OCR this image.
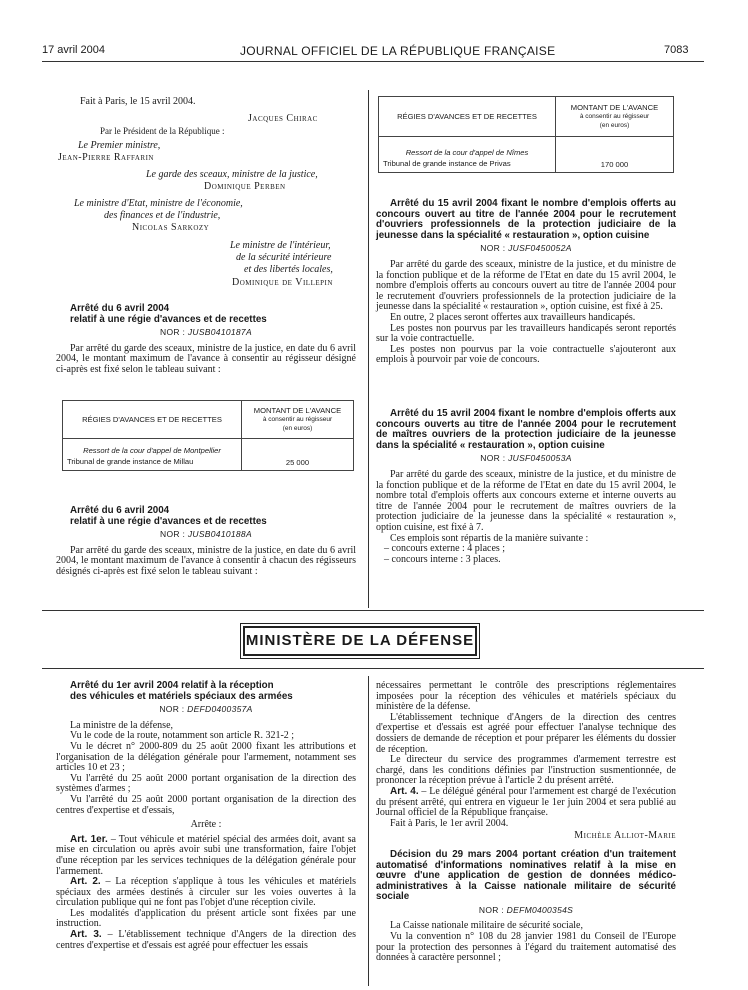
17 avril 2004	JOURNAL OFFICIEL DE LA RÉPUBLIQUE FRANÇAISE	7083
Fait à Paris, le 15 avril 2004.
Jacques Chirac
Par le Président de la République :
Le Premier ministre,
Jean-Pierre Raffarin
Le garde des sceaux, ministre de la justice,
Dominique Perben
Le ministre d'Etat, ministre de l'économie,
des finances et de l'industrie,
Nicolas Sarkozy
Le ministre de l'intérieur,
de la sécurité intérieure
et des libertés locales,
Dominique de Villepin

Arrêté du 6 avril 2004

relatif à une régie d'avances et de recettes

NOR : JUSB0410187A

Par arrêté du garde des sceaux, ministre de la justice, en date du 6 avril 2004, le montant maximum de l'avance à consentir au régisseur désigné ci-après est fixé selon le tableau suivant :

RÉGIES D'AVANCES ET DE RECETTES	MONTANT DE L'AVANCE
à consentir au régisseur
(en euros)

Ressort de la cour d'appel de Montpellier
Tribunal de grande instance de Millau	25 000

Arrêté du 6 avril 2004

relatif à une régie d'avances et de recettes

NOR : JUSB0410188A

Par arrêté du garde des sceaux, ministre de la justice, en date du 6 avril 2004, le montant maximum de l'avance à consentir à chacun des régisseurs désignés ci-après est fixé selon le tableau suivant :

RÉGIES D'AVANCES ET DE RECETTES	MONTANT DE L'AVANCE
à consentir au régisseur
(en euros)

Ressort de la cour d'appel de Nîmes
Tribunal de grande instance de Privas	170 000

Arrêté du 15 avril 2004 fixant le nombre d'emplois offerts au concours ouvert au titre de l'année 2004 pour le recrutement d'ouvriers professionnels de la protection judiciaire de la jeunesse dans la spécialité « restauration », option cuisine

NOR : JUSF0450052A

Par arrêté du garde des sceaux, ministre de la justice, et du ministre de la fonction publique et de la réforme de l'Etat en date du 15 avril 2004, le nombre d'emplois offerts au concours ouvert au titre de l'année 2004 pour le recrutement d'ouvriers professionnels de la protection judiciaire de la jeunesse dans la spécialité « restauration », option cuisine, est fixé à 25.

En outre, 2 places seront offertes aux travailleurs handicapés.

Les postes non pourvus par les travailleurs handicapés seront reportés sur la voie contractuelle.

Les postes non pourvus par la voie contractuelle s'ajouteront aux emplois à pourvoir par voie de concours.

Arrêté du 15 avril 2004 fixant le nombre d'emplois offerts aux concours ouverts au titre de l'année 2004 pour le recrutement de maîtres ouvriers de la protection judiciaire de la jeunesse dans la spécialité « restauration », option cuisine

NOR : JUSF0450053A

Par arrêté du garde des sceaux, ministre de la justice, et du ministre de la fonction publique et de la réforme de l'Etat en date du 15 avril 2004, le nombre total d'emplois offerts aux concours externe et interne ouverts au titre de l'année 2004 pour le recrutement de maîtres ouvriers de la protection judiciaire de la jeunesse dans la spécialité « restauration », option cuisine, est fixé à 7.

Ces emplois sont répartis de la manière suivante :

– concours externe : 4 places ;

– concours interne : 3 places.

MINISTÈRE DE LA DÉFENSE

Arrêté du 1er avril 2004 relatif à la réception

des véhicules et matériels spéciaux des armées

NOR : DEFD0400357A

La ministre de la défense,

Vu le code de la route, notamment son article R. 321-2 ;

Vu le décret n° 2000-809 du 25 août 2000 fixant les attributions et l'organisation de la délégation générale pour l'armement, notamment ses articles 10 et 23 ;

Vu l'arrêté du 25 août 2000 portant organisation de la direction des systèmes d'armes ;

Vu l'arrêté du 25 août 2000 portant organisation de la direction des centres d'expertise et d'essais,

Arrête :

Art. 1er. – Tout véhicule et matériel spécial des armées doit, avant sa mise en circulation ou après avoir subi une transformation, faire l'objet d'une réception par les services techniques de la délégation générale pour l'armement.

Art. 2. – La réception s'applique à tous les véhicules et matériels spéciaux des armées destinés à circuler sur les voies ouvertes à la circulation publique qui ne font pas l'objet d'une réception civile.

Les modalités d'application du présent article sont fixées par une instruction.

Art. 3. – L'établissement technique d'Angers de la direction des centres d'expertise et d'essais est agréé pour effectuer les essais

nécessaires permettant le contrôle des prescriptions réglementaires imposées pour la réception des véhicules et matériels spéciaux du ministère de la défense.

L'établissement technique d'Angers de la direction des centres d'expertise et d'essais est agréé pour effectuer l'analyse technique des dossiers de demande de réception et pour préparer les éléments du dossier de réception.

Le directeur du service des programmes d'armement terrestre est chargé, dans les conditions définies par l'instruction susmentionnée, de prononcer la réception prévue à l'article 2 du présent arrêté.

Art. 4. – Le délégué général pour l'armement est chargé de l'exécution du présent arrêté, qui entrera en vigueur le 1er juin 2004 et sera publié au Journal officiel de la République française.

Fait à Paris, le 1er avril 2004.

Michèle Alliot-Marie

Décision du 29 mars 2004 portant création d'un traitement automatisé d'informations nominatives relatif à la mise en œuvre d'une application de gestion de données médico-administratives à la Caisse nationale militaire de sécurité sociale

NOR : DEFM0400354S

La Caisse nationale militaire de sécurité sociale,

Vu la convention n° 108 du 28 janvier 1981 du Conseil de l'Europe pour la protection des personnes à l'égard du traitement automatisé des données à caractère personnel ;
